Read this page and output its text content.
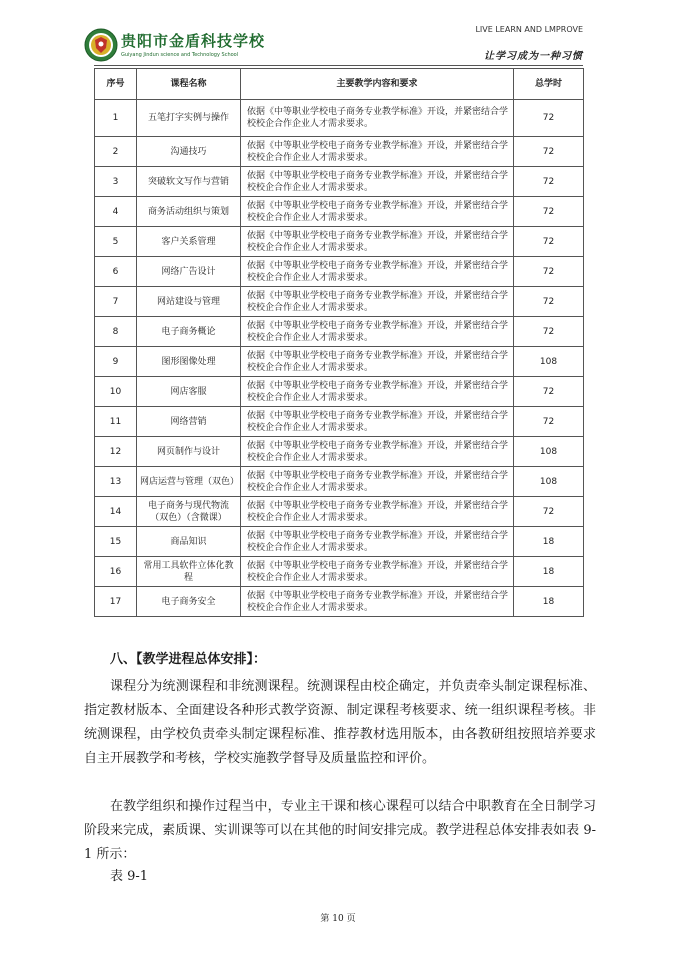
贵阳市金盾科技学校
Guiyang Jindun science and Technology School
LIVE LEARN AND LMPROVE
让学习成为一种习惯
序号	课程名称	主要教学内容和要求	总学时
1	五笔打字实例与操作	依据《中等职业学校电子商务专业教学标准》开设，并紧密结合学校校企合作企业人才需求要求。	72
2	沟通技巧	依据《中等职业学校电子商务专业教学标准》开设，并紧密结合学校校企合作企业人才需求要求。	72
3	突破软文写作与营销	依据《中等职业学校电子商务专业教学标准》开设，并紧密结合学校校企合作企业人才需求要求。	72
4	商务活动组织与策划	依据《中等职业学校电子商务专业教学标准》开设，并紧密结合学校校企合作企业人才需求要求。	72
5	客户关系管理	依据《中等职业学校电子商务专业教学标准》开设，并紧密结合学校校企合作企业人才需求要求。	72
6	网络广告设计	依据《中等职业学校电子商务专业教学标准》开设，并紧密结合学校校企合作企业人才需求要求。	72
7	网站建设与管理	依据《中等职业学校电子商务专业教学标准》开设，并紧密结合学校校企合作企业人才需求要求。	72
8	电子商务概论	依据《中等职业学校电子商务专业教学标准》开设，并紧密结合学校校企合作企业人才需求要求。	72
9	图形图像处理	依据《中等职业学校电子商务专业教学标准》开设，并紧密结合学校校企合作企业人才需求要求。	108
10	网店客服	依据《中等职业学校电子商务专业教学标准》开设，并紧密结合学校校企合作企业人才需求要求。	72
11	网络营销	依据《中等职业学校电子商务专业教学标准》开设，并紧密结合学校校企合作企业人才需求要求。	72
12	网页制作与设计	依据《中等职业学校电子商务专业教学标准》开设，并紧密结合学校校企合作企业人才需求要求。	108
13	网店运营与管理（双色）	依据《中等职业学校电子商务专业教学标准》开设，并紧密结合学校校企合作企业人才需求要求。	108
14	电子商务与现代物流（双色）（含微课）	依据《中等职业学校电子商务专业教学标准》开设，并紧密结合学校校企合作企业人才需求要求。	72
15	商品知识	依据《中等职业学校电子商务专业教学标准》开设，并紧密结合学校校企合作企业人才需求要求。	18
16	常用工具软件立体化教程	依据《中等职业学校电子商务专业教学标准》开设，并紧密结合学校校企合作企业人才需求要求。	18
17	电子商务安全	依据《中等职业学校电子商务专业教学标准》开设，并紧密结合学校校企合作企业人才需求要求。	18
八、【教学进程总体安排】：
课程分为统测课程和非统测课程。统测课程由校企确定，并负责牵头制定课程标准、指定教材版本、全面建设各种形式教学资源、制定课程考核要求、统一组织课程考核。非统测课程，由学校负责牵头制定课程标准、推荐教材选用版本，由各教研组按照培养要求自主开展教学和考核，学校实施教学督导及质量监控和评价。
在教学组织和操作过程当中，专业主干课和核心课程可以结合中职教育在全日制学习阶段来完成，素质课、实训课等可以在其他的时间安排完成。教学进程总体安排表如表 9-1 所示：
表 9-1
第 10 页
